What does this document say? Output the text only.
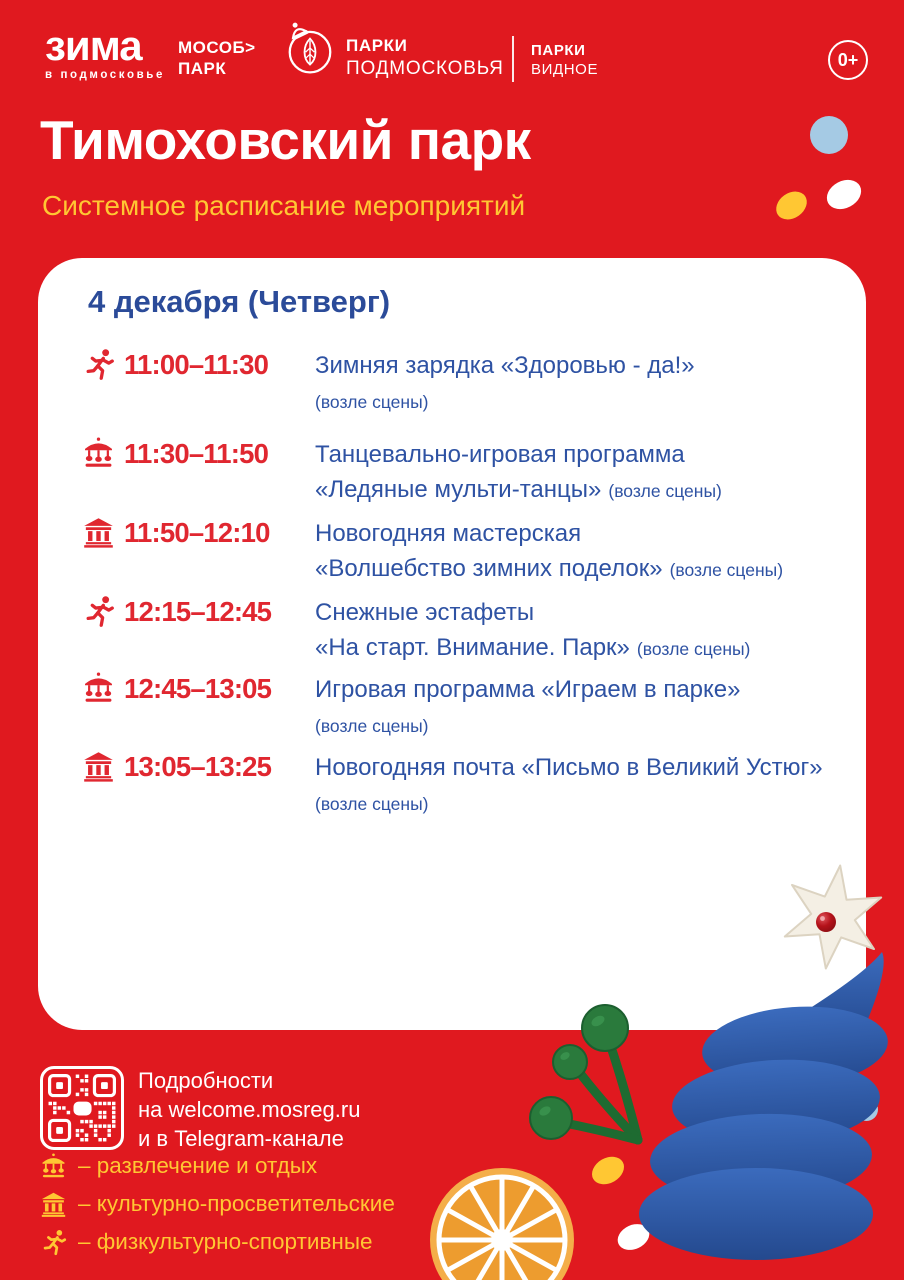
зима
в подмосковье
МОСОБ>
ПАРК
ПАРКИ
ПОДМОСКОВЬЯ
ПАРКИ
ВИДНОЕ	0+
Тимоховский парк
Системное расписание мероприятий
4 декабря (Четверг)
11:00–11:30 Зимняя зарядка «Здоровью - да!»
(возле сцены)
11:30–11:50 Танцевально-игровая программа
«Ледяные мульти-танцы» (возле сцены)
11:50–12:10 Новогодняя мастерская
«Волшебство зимних поделок» (возле сцены)
12:15–12:45 Снежные эстафеты
«На старт. Внимание. Парк» (возле сцены)
12:45–13:05 Игровая программа «Играем в парке»
(возле сцены)
13:05–13:25 Новогодняя почта «Письмо в Великий Устюг»
(возле сцены)
Подробности
на welcome.mosreg.ru
и в Telegram-канале
– развлечение и отдых
– культурно-просветительские
– физкультурно-спортивные
